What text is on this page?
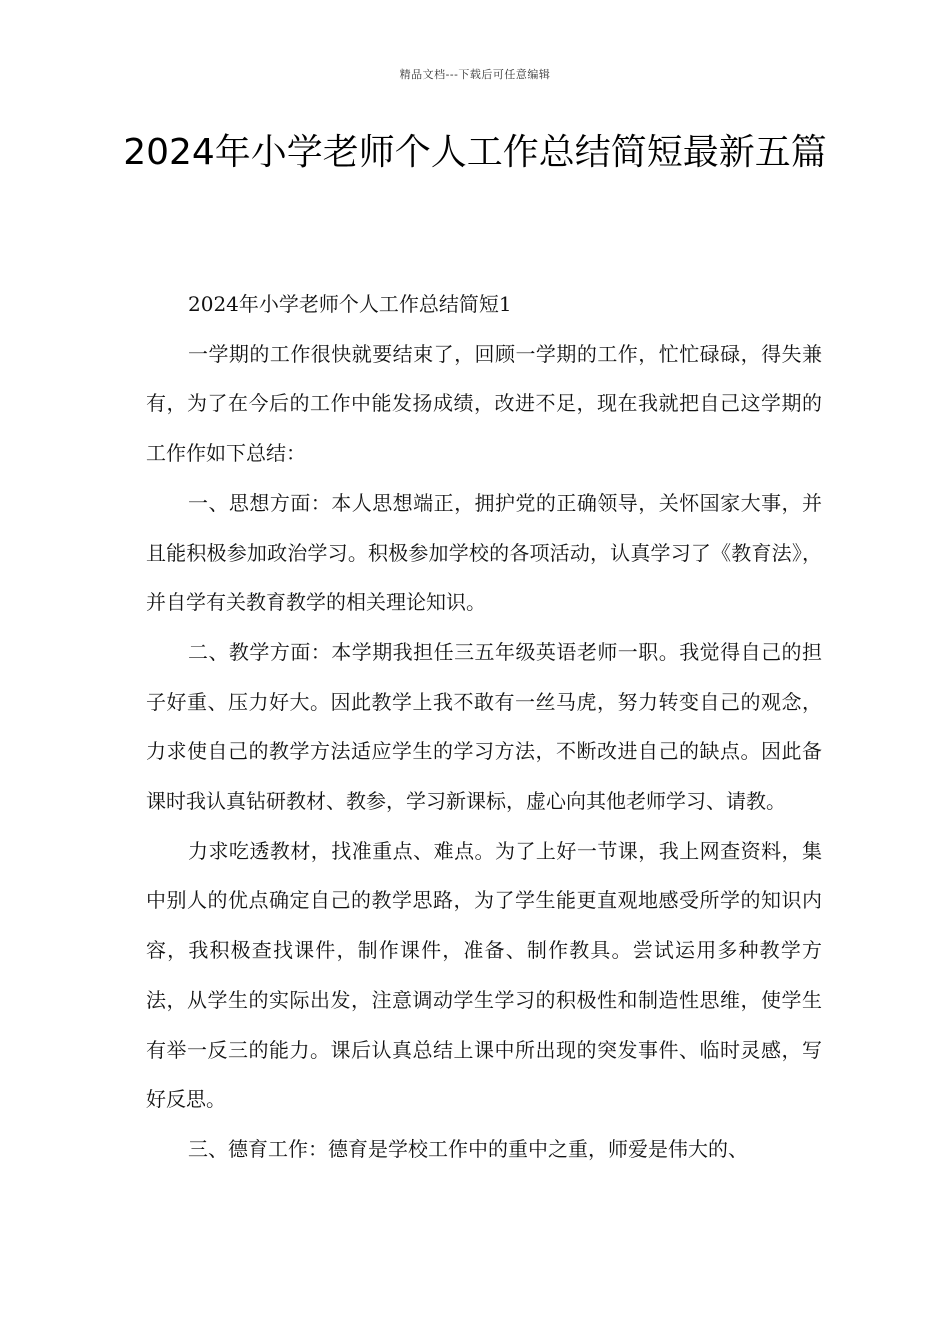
精品文档---下载后可任意编辑
2024年小学老师个人工作总结简短最新五篇

2024年小学老师个人工作总结简短1

一学期的工作很快就要结束了，回顾一学期的工作，忙忙碌碌，得失兼有，为了在今后的工作中能发扬成绩，改进不足，现在我就把自己这学期的工作作如下总结：

一、思想方面：本人思想端正，拥护党的正确领导，关怀国家大事，并且能积极参加政治学习。积极参加学校的各项活动，认真学习了《教育法》，并自学有关教育教学的相关理论知识。

二、教学方面：本学期我担任三五年级英语老师一职。我觉得自己的担子好重、压力好大。因此教学上我不敢有一丝马虎，努力转变自己的观念，力求使自己的教学方法适应学生的学习方法，不断改进自己的缺点。因此备课时我认真钻研教材、教参，学习新课标，虚心向其他老师学习、请教。

力求吃透教材，找准重点、难点。为了上好一节课，我上网查资料，集中别人的优点确定自己的教学思路，为了学生能更直观地感受所学的知识内容，我积极查找课件，制作课件，准备、制作教具。尝试运用多种教学方法，从学生的实际出发，注意调动学生学习的积极性和制造性思维，使学生有举一反三的能力。课后认真总结上课中所出现的突发事件、临时灵感，写好反思。

三、德育工作：德育是学校工作中的重中之重，师爱是伟大的、
